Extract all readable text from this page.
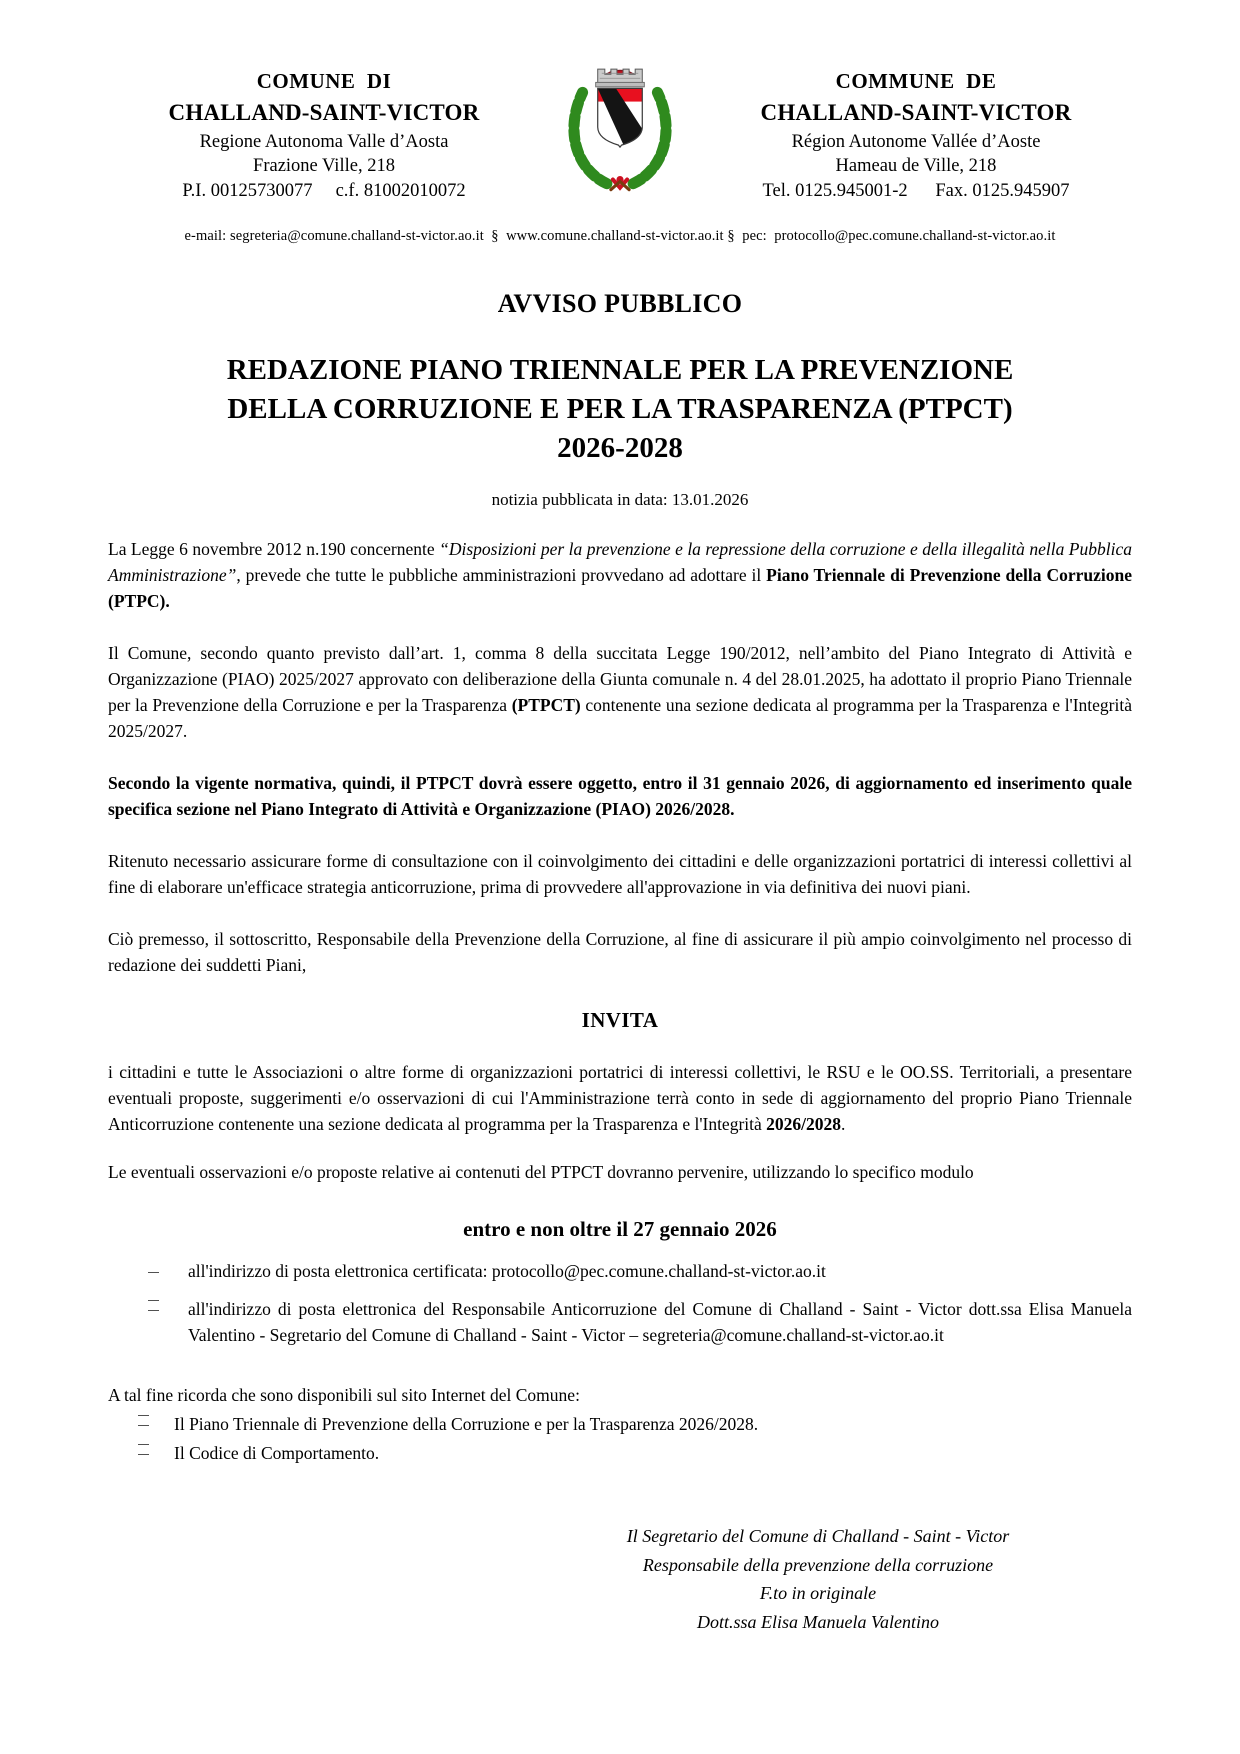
COMUNE  DI
CHALLAND-SAINT-VICTOR
Regione Autonoma Valle d’Aosta
Frazione Ville, 218
P.I. 00125730077     c.f. 81002010072
COMMUNE  DE
CHALLAND-SAINT-VICTOR
Région Autonome Vallée d’Aoste
Hameau de Ville, 218
Tel. 0125.945001-2      Fax. 0125.945907
e-mail: segreteria@comune.challand-st-victor.ao.it  §  www.comune.challand-st-victor.ao.it §  pec:  protocollo@pec.comune.challand-st-victor.ao.it
AVVISO PUBBLICO
REDAZIONE PIANO TRIENNALE PER LA PREVENZIONE
DELLA CORRUZIONE E PER LA TRASPARENZA (PTPCT)
2026-2028
notizia pubblicata in data: 13.01.2026

La Legge 6 novembre 2012 n.190 concernente “Disposizioni per la prevenzione e la repressione della corruzione e della illegalità nella Pubblica Amministrazione”, prevede che tutte le pubbliche amministrazioni provvedano ad adottare il Piano Triennale di Prevenzione della Corruzione (PTPC).

Il Comune, secondo quanto previsto dall’art. 1, comma 8 della succitata Legge 190/2012, nell’ambito del Piano Integrato di Attività e Organizzazione (PIAO) 2025/2027 approvato con deliberazione della Giunta comunale n. 4 del 28.01.2025, ha adottato il proprio Piano Triennale per la Prevenzione della Corruzione e per la Trasparenza (PTPCT) contenente una sezione dedicata al programma per la Trasparenza e l'Integrità 2025/2027.

Secondo la vigente normativa, quindi, il PTPCT dovrà essere oggetto, entro il 31 gennaio 2026, di aggiornamento ed inserimento quale specifica sezione nel Piano Integrato di Attività e Organizzazione (PIAO) 2026/2028.

Ritenuto necessario assicurare forme di consultazione con il coinvolgimento dei cittadini e delle organizzazioni portatrici di interessi collettivi al fine di elaborare un'efficace strategia anticorruzione, prima di provvedere all'approvazione in via definitiva dei nuovi piani.

Ciò premesso, il sottoscritto, Responsabile della Prevenzione della Corruzione, al fine di assicurare il più ampio coinvolgimento nel processo di redazione dei suddetti Piani,

INVITA

i cittadini e tutte le Associazioni o altre forme di organizzazioni portatrici di interessi collettivi, le RSU e le OO.SS. Territoriali, a presentare eventuali proposte, suggerimenti e/o osservazioni di cui l'Amministrazione terrà conto in sede di aggiornamento del proprio Piano Triennale Anticorruzione contenente una sezione dedicata al programma per la Trasparenza e l'Integrità 2026/2028.

Le eventuali osservazioni e/o proposte relative ai contenuti del PTPCT dovranno pervenire, utilizzando lo specifico modulo

entro e non oltre il 27 gennaio 2026
all'indirizzo di posta elettronica certificata: protocollo@pec.comune.challand-st-victor.ao.it
all'indirizzo di posta elettronica del Responsabile Anticorruzione del Comune di Challand - Saint - Victor dott.ssa Elisa Manuela Valentino - Segretario del Comune di Challand - Saint - Victor – segreteria@comune.challand-st-victor.ao.it
A tal fine ricorda che sono disponibili sul sito Internet del Comune:
Il Piano Triennale di Prevenzione della Corruzione e per la Trasparenza 2026/2028.
Il Codice di Comportamento.
Il Segretario del Comune di Challand - Saint - Victor
Responsabile della prevenzione della corruzione
F.to in originale
Dott.ssa Elisa Manuela Valentino
